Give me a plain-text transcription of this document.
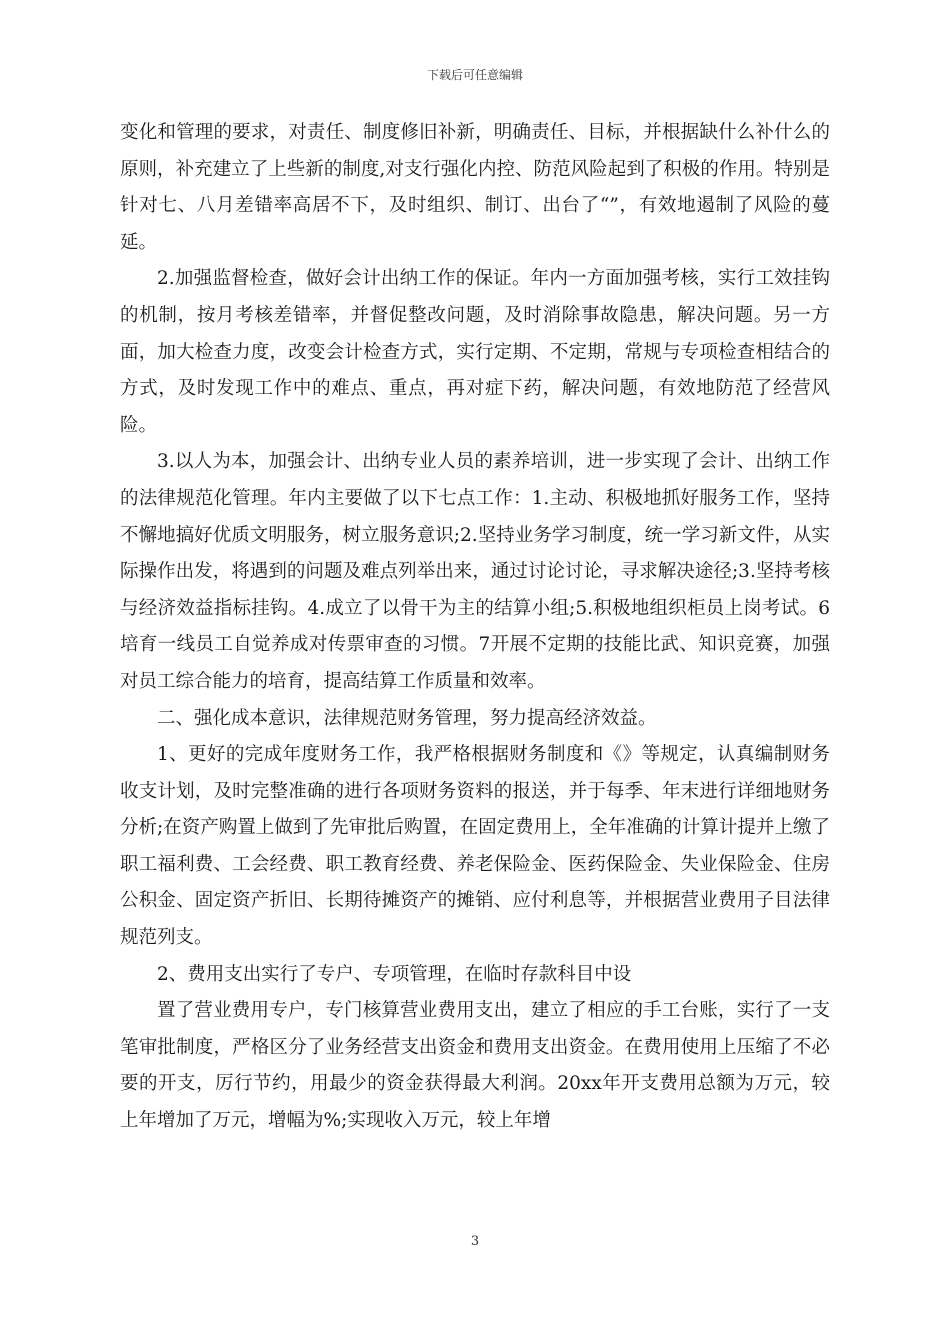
下载后可任意编辑

变化和管理的要求，对责任、制度修旧补新，明确责任、目标，并根据缺什么补什么的原则，补充建立了上些新的制度,对支行强化内控、防范风险起到了积极的作用。特别是针对七、八月差错率高居不下，及时组织、制订、出台了“”，有效地遏制了风险的蔓延。

2.加强监督检查，做好会计出纳工作的保证。年内一方面加强考核，实行工效挂钩的机制，按月考核差错率，并督促整改问题，及时消除事故隐患，解决问题。另一方面，加大检查力度，改变会计检查方式，实行定期、不定期，常规与专项检查相结合的方式，及时发现工作中的难点、重点，再对症下药，解决问题，有效地防范了经营风险。

3.以人为本，加强会计、出纳专业人员的素养培训，进一步实现了会计、出纳工作的法律规范化管理。年内主要做了以下七点工作：1.主动、积极地抓好服务工作，坚持不懈地搞好优质文明服务，树立服务意识;2.坚持业务学习制度，统一学习新文件，从实际操作出发，将遇到的问题及难点列举出来，通过讨论讨论，寻求解决途径;3.坚持考核与经济效益指标挂钩。4.成立了以骨干为主的结算小组;5.积极地组织柜员上岗考试。6培育一线员工自觉养成对传票审查的习惯。7开展不定期的技能比武、知识竞赛，加强对员工综合能力的培育，提高结算工作质量和效率。

二、强化成本意识，法律规范财务管理，努力提高经济效益。

1、更好的完成年度财务工作，我严格根据财务制度和《》等规定，认真编制财务收支计划，及时完整准确的进行各项财务资料的报送，并于每季、年末进行详细地财务分析;在资产购置上做到了先审批后购置，在固定费用上，全年准确的计算计提并上缴了职工福利费、工会经费、职工教育经费、养老保险金、医药保险金、失业保险金、住房公积金、固定资产折旧、长期待摊资产的摊销、应付利息等，并根据营业费用子目法律规范列支。

2、费用支出实行了专户、专项管理，在临时存款科目中设

置了营业费用专户，专门核算营业费用支出，建立了相应的手工台账，实行了一支笔审批制度，严格区分了业务经营支出资金和费用支出资金。在费用使用上压缩了不必要的开支，厉行节约，用最少的资金获得最大利润。20xx年开支费用总额为万元，较上年增加了万元，增幅为%;实现收入万元，较上年增

3
